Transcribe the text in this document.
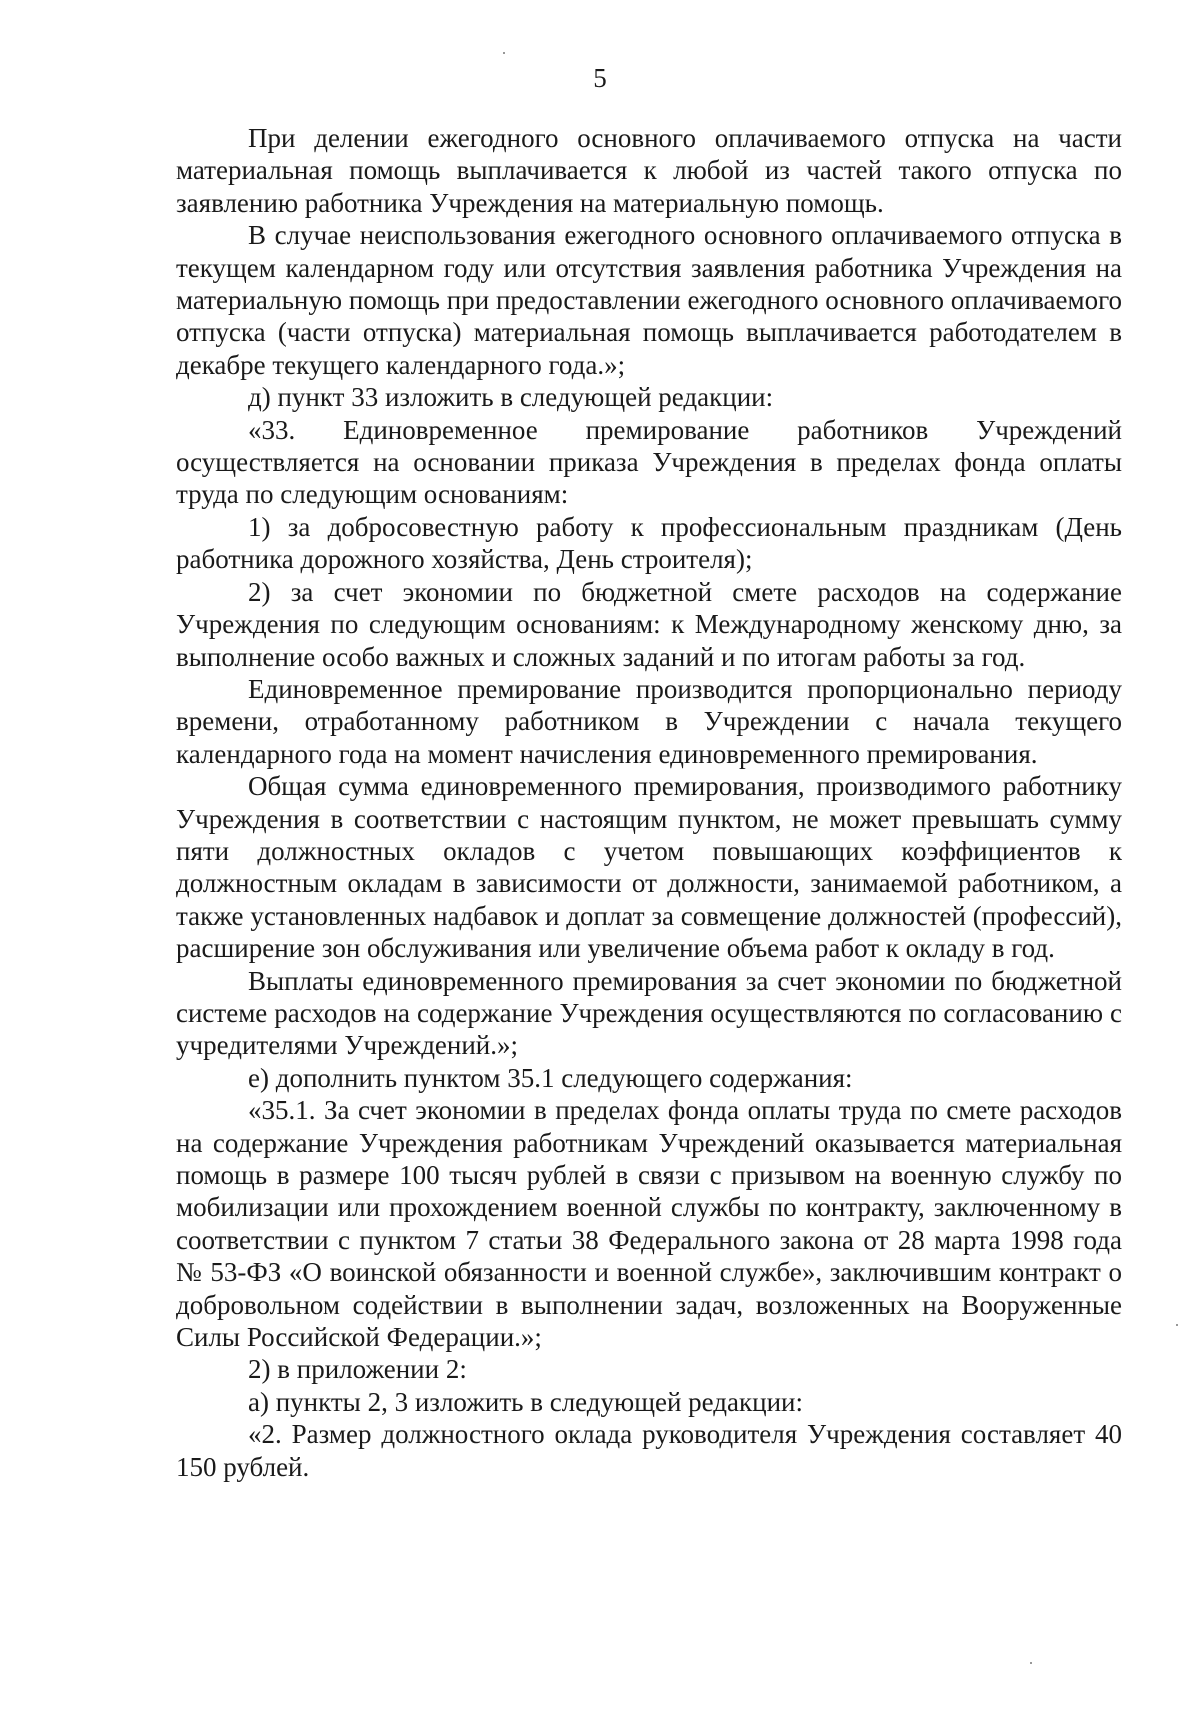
5

При делении ежегодного основного оплачиваемого отпуска на части материальная помощь выплачивается к любой из частей такого отпуска по заявлению работника Учреждения на материальную помощь.

В случае неиспользования ежегодного основного оплачиваемого отпуска в текущем календарном году или отсутствия заявления работника Учреждения на материальную помощь при предоставлении ежегодного основного оплачиваемого отпуска (части отпуска) материальная помощь выплачивается работодателем в декабре текущего календарного года.»;

д) пункт 33 изложить в следующей редакции:

«33. Единовременное премирование работников Учреждений осуществляется на основании приказа Учреждения в пределах фонда оплаты труда по следующим основаниям:

1) за добросовестную работу к профессиональным праздникам (День работника дорожного хозяйства, День строителя);

2) за счет экономии по бюджетной смете расходов на содержание Учреждения по следующим основаниям: к Международному женскому дню, за выполнение особо важных и сложных заданий и по итогам работы за год.

Единовременное премирование производится пропорционально периоду времени, отработанному работником в Учреждении с начала текущего календарного года на момент начисления единовременного премирования.

Общая сумма единовременного премирования, производимого работнику Учреждения в соответствии с настоящим пунктом, не может превышать сумму пяти должностных окладов с учетом повышающих коэффициентов к должностным окладам в зависимости от должности, занимаемой работником, а также установленных надбавок и доплат за совмещение должностей (профессий), расширение зон обслуживания или увеличение объема работ к окладу в год.

Выплаты единовременного премирования за счет экономии по бюджетной системе расходов на содержание Учреждения осуществляются по согласованию с учредителями Учреждений.»;

е) дополнить пунктом 35.1 следующего содержания:

«35.1. За счет экономии в пределах фонда оплаты труда по смете расходов на содержание Учреждения работникам Учреждений оказывается материальная помощь в размере 100 тысяч рублей в связи с призывом на военную службу по мобилизации или прохождением военной службы по контракту, заключенному в соответствии с пунктом 7 статьи 38 Федерального закона от 28 марта 1998 года № 53-ФЗ «О воинской обязанности и военной службе», заключившим контракт о добровольном содействии в выполнении задач, возложенных на Вооруженные Силы Российской Федерации.»;

2) в приложении 2:

а) пункты 2, 3 изложить в следующей редакции:

«2. Размер должностного оклада руководителя Учреждения составляет 40 150 рублей.
